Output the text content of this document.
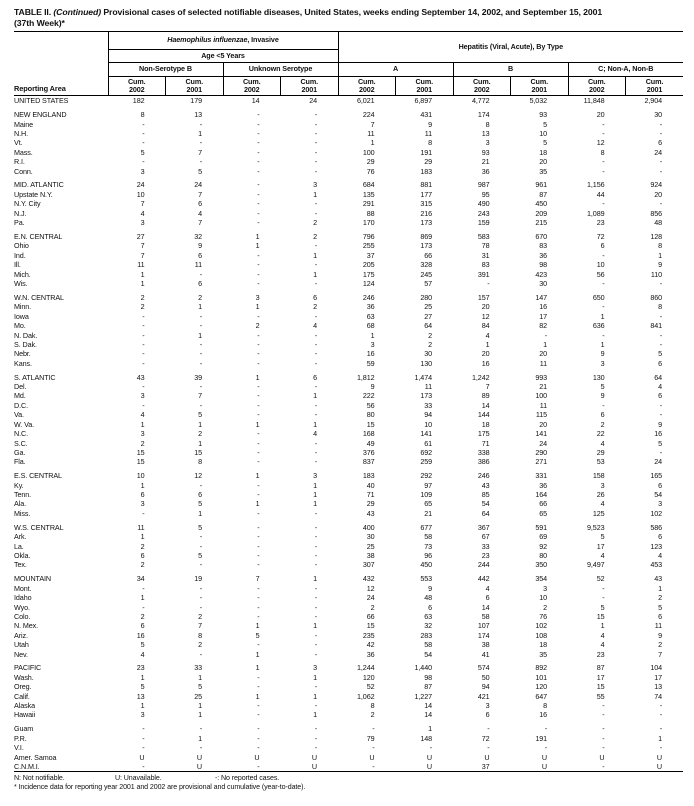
TABLE II. (Continued) Provisional cases of selected notifiable diseases, United States, weeks ending September 14, 2002, and September 15, 2001
(37th Week)*
Reporting Area	Haemophilus influenzae, Invasive				Hepatitis (Viral, Acute), By Type					
	Age <5 Years									
	Non-Serotype B		Unknown Serotype		A		B		C; Non-A, Non-B	

Cum.
2002

Cum.
2001

Cum.
2002

Cum.
2001

Cum.
2002

Cum.
2001

Cum.
2002

Cum.
2001

Cum.
2002

Cum.
2001

UNITED STATES	182	179	14	24	6,021	6,897	4,772	5,032	11,848	2,904

NEW ENGLAND	8	13	-	-	224	431	174	93	20	30
Maine	-	-	-	-	7	9	8	5	-	-
N.H.	-	1	-	-	11	11	13	10	-	-
Vt.	-	-	-	-	1	8	3	5	12	6
Mass.	5	7	-	-	100	191	93	18	8	24
R.I.	-	-	-	-	29	29	21	20	-	-
Conn.	3	5	-	-	76	183	36	35	-	-

MID. ATLANTIC	24	24	-	3	684	881	987	961	1,156	924
Upstate N.Y.	10	7	-	1	135	177	95	87	44	20
N.Y. City	7	6	-	-	291	315	490	450	-	-
N.J.	4	4	-	-	88	216	243	209	1,089	856
Pa.	3	7	-	2	170	173	159	215	23	48

E.N. CENTRAL	27	32	1	2	796	869	583	670	72	128
Ohio	7	9	1	-	255	173	78	83	6	8
Ind.	7	6	-	1	37	66	31	36	-	1
Ill.	11	11	-	-	205	328	83	98	10	9
Mich.	1	-	-	1	175	245	391	423	56	110
Wis.	1	6	-	-	124	57	-	30	-	-

W.N. CENTRAL	2	2	3	6	246	280	157	147	650	860
Minn.	2	1	1	2	36	25	20	16	-	8
Iowa	-	-	-	-	63	27	12	17	1	-
Mo.	-	-	2	4	68	64	84	82	636	841
N. Dak.	-	1	-	-	1	2	4	-	-	-
S. Dak.	-	-	-	-	3	2	1	1	1	-
Nebr.	-	-	-	-	16	30	20	20	9	5
Kans.	-	-	-	-	59	130	16	11	3	6

S. ATLANTIC	43	39	1	6	1,812	1,474	1,242	993	130	64
Del.	-	-	-	-	9	11	7	21	5	4
Md.	3	7	-	1	222	173	89	100	9	6
D.C.	-	-	-	-	56	33	14	11	-	-
Va.	4	5	-	-	80	94	144	115	6	-
W. Va.	1	1	1	1	15	10	18	20	2	9
N.C.	3	2	-	4	168	141	175	141	22	16
S.C.	2	1	-	-	49	61	71	24	4	5
Ga.	15	15	-	-	376	692	338	290	29	-
Fla.	15	8	-	-	837	259	386	271	53	24

E.S. CENTRAL	10	12	1	3	183	292	246	331	158	165
Ky.	1	-	-	1	40	97	43	36	3	6
Tenn.	6	6	-	1	71	109	85	164	26	54
Ala.	3	5	1	1	29	65	54	66	4	3
Miss.	-	1	-	-	43	21	64	65	125	102

W.S. CENTRAL	11	5	-	-	400	677	367	591	9,523	586
Ark.	1	-	-	-	30	58	67	69	5	6
La.	2	-	-	-	25	73	33	92	17	123
Okla.	6	5	-	-	38	96	23	80	4	4
Tex.	2	-	-	-	307	450	244	350	9,497	453

MOUNTAIN	34	19	7	1	432	553	442	354	52	43
Mont.	-	-	-	-	12	9	4	3	-	1
Idaho	1	-	-	-	24	48	6	10	-	2
Wyo.	-	-	-	-	2	6	14	2	5	5
Colo.	2	2	-	-	66	63	58	76	15	6
N. Mex.	6	7	1	1	15	32	107	102	1	11
Ariz.	16	8	5	-	235	283	174	108	4	9
Utah	5	2	-	-	42	58	38	18	4	2
Nev.	4	-	1	-	36	54	41	35	23	7

PACIFIC	23	33	1	3	1,244	1,440	574	892	87	104
Wash.	1	1	-	1	120	98	50	101	17	17
Oreg.	5	5	-	-	52	87	94	120	15	13
Calif.	13	25	1	1	1,062	1,227	421	647	55	74
Alaska	1	1	-	-	8	14	3	8	-	-
Hawaii	3	1	-	1	2	14	6	16	-	-

Guam	-	-	-	-	-	1	-	-	-	-
P.R.	-	1	-	-	79	148	72	191	-	1
V.I.	-	-	-	-	-	-	-	-	-	-
Amer. Samoa	U	U	U	U	U	U	U	U	U	U
C.N.M.I.	-	U	-	U	-	U	37	U	-	U
N: Not notifiable.	U: Unavailable.	-: No reported cases.
* Incidence data for reporting year 2001 and 2002 are provisional and cumulative (year-to-date).
